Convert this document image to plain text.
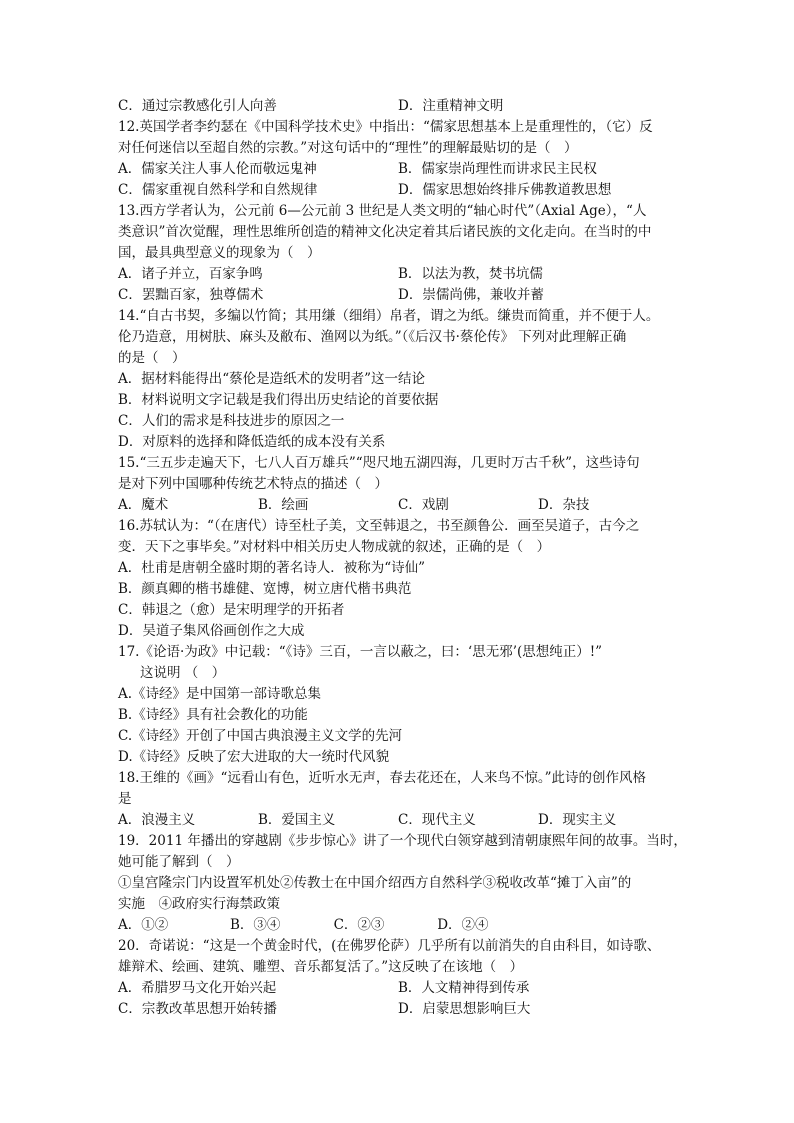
C．通过宗教感化引人向善	D．注重精神文明
12.英国学者李约瑟在《中国科学技术史》中指出：“儒家思想基本上是重理性的，（它）反
对任何迷信以至超自然的宗教。”对这句话中的“理性”的理解最贴切的是（　）
A．儒家关注人事人伦而敬远鬼神	B．儒家崇尚理性而讲求民主民权
C．儒家重视自然科学和自然规律	D．儒家思想始终排斥佛教道教思想
13.西方学者认为，公元前 6—公元前 3 世纪是人类文明的“轴心时代”（Axial Age），“人
类意识”首次觉醒，理性思维所创造的精神文化决定着其后诸民族的文化走向。在当时的中
国，最具典型意义的现象为（　）
A．诸子并立，百家争鸣	B．以法为教，焚书坑儒
C．罢黜百家，独尊儒术	D．崇儒尚佛，兼收并蓄
14.“自古书契，多编以竹简；其用缣（细绢）帛者，谓之为纸。缣贵而简重，并不便于人。
伦乃造意，用树肤、麻头及敝布、渔网以为纸。”（《后汉书·蔡伦传》 下列对此理解正确
的是（　）
A．据材料能得出“蔡伦是造纸术的发明者”这一结论
B．材料说明文字记载是我们得出历史结论的首要依据
C．人们的需求是科技进步的原因之一
D．对原料的选择和降低造纸的成本没有关系
15.“三五步走遍天下，七八人百万雄兵”“咫尺地五湖四海，几更时万古千秋”，这些诗句
是对下列中国哪种传统艺术特点的描述（　）
A．魔术	B．绘画	C．戏剧	D．杂技
16.苏轼认为：“（在唐代）诗至杜子美，文至韩退之，书至颜鲁公．画至吴道子，古今之
变．天下之事毕矣。”对材料中相关历史人物成就的叙述，正确的是（　）
A．杜甫是唐朝全盛时期的著名诗人．被称为“诗仙”
B．颜真卿的楷书雄健、宽博，树立唐代楷书典范
C．韩退之（愈）是宋明理学的开拓者
D．吴道子集风俗画创作之大成
17.《论语·为政》中记载：“《诗》三百，一言以蔽之，曰：‘思无邪’(思想纯正）!”
这说明 （　）
A.《诗经》是中国第一部诗歌总集
B.《诗经》具有社会教化的功能
C.《诗经》开创了中国古典浪漫主义文学的先河
D.《诗经》反映了宏大进取的大一统时代风貌
18.王维的《画》“远看山有色，近听水无声，春去花还在，人来鸟不惊。”此诗的创作风格
是
A．浪漫主义	B．爱国主义	C．现代主义	D．现实主义
19．2011 年播出的穿越剧《步步惊心》讲了一个现代白领穿越到清朝康熙年间的故事。当时，
她可能了解到（　）
①皇宫隆宗门内设置军机处②传教士在中国介绍西方自然科学③税收改革“摊丁入亩”的
实施　④政府实行海禁政策
A．①②	B．③④	C．②③	D．②④
20．奇诺说：“这是一个黄金时代，(在佛罗伦萨）几乎所有以前消失的自由科目，如诗歌、
雄辩术、绘画、建筑、雕塑、音乐都复活了。”这反映了在该地（　）
A．希腊罗马文化开始兴起	B．人文精神得到传承
C．宗教改革思想开始转播	D．启蒙思想影响巨大
